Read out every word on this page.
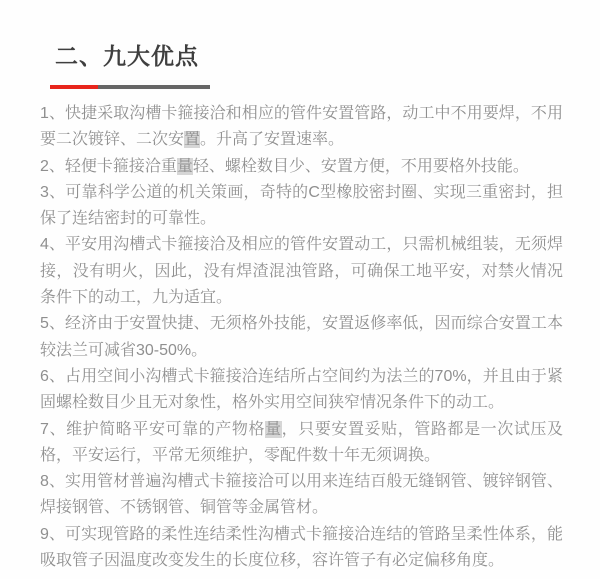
二、九大优点

1、快捷采取沟槽卡箍接洽和相应的管件安置管路，动工中不用要焊，不用要二次镀锌、二次安置。升高了安置速率。

2、轻便卡箍接洽重量轻、螺栓数目少、安置方便，不用要格外技能。

3、可靠科学公道的机关策画，奇特的C型橡胶密封圈、实现三重密封，担保了连结密封的可靠性。

4、平安用沟槽式卡箍接洽及相应的管件安置动工，只需机械组装，无须焊接，没有明火，因此，没有焊渣混浊管路，可确保工地平安，对禁火情况条件下的动工，九为适宜。

5、经济由于安置快捷、无须格外技能，安置返修率低，因而综合安置工本较法兰可减省30-50%。

6、占用空间小沟槽式卡箍接洽连结所占空间约为法兰的70%，并且由于紧固螺栓数目少且无对象性，格外实用空间狭窄情况条件下的动工。

7、维护简略平安可靠的产物格量，只要安置妥贴，管路都是一次试压及格，平安运行，平常无须维护，零配件数十年无须调换。

8、实用管材普遍沟槽式卡箍接洽可以用来连结百般无缝钢管、镀锌钢管、焊接钢管、不锈钢管、铜管等金属管材。

9、可实现管路的柔性连结柔性沟槽式卡箍接洽连结的管路呈柔性体系，能吸取管子因温度改变发生的长度位移，容许管子有必定偏移角度。
